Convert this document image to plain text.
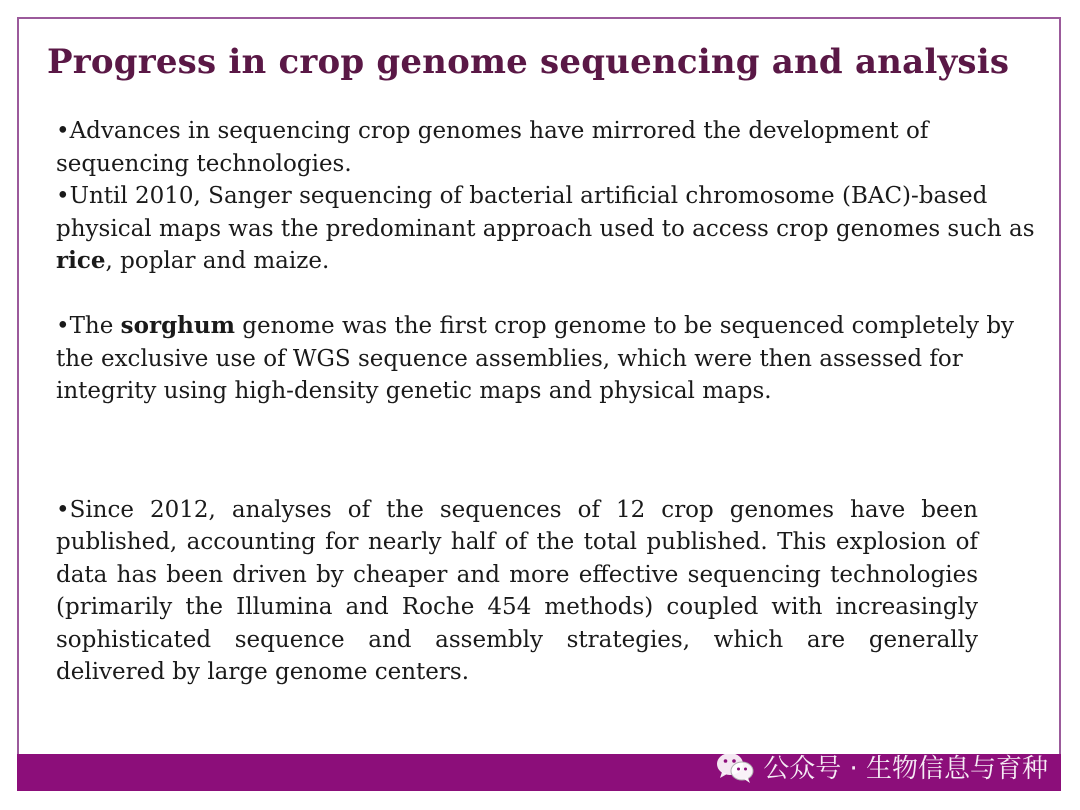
Progress in crop genome sequencing and analysis

•Advances in sequencing crop genomes have mirrored the development of
sequencing technologies.

•Until 2010, Sanger sequencing of bacterial artificial chromosome (BAC)-based
physical maps was the predominant approach used to access crop genomes such as
rice, poplar and maize.

•The sorghum genome was the first crop genome to be sequenced completely by
the exclusive use of WGS sequence assemblies, which were then assessed for
integrity using high-density genetic maps and physical maps.

•Since 2012, analyses of the sequences of 12 crop genomes have been published, accounting for nearly half of the total published. This explosion of data has been driven by cheaper and more effective sequencing technologies (primarily the Illumina and Roche 454 methods) coupled with increasingly sophisticated sequence and assembly strategies, which are generally delivered by large genome centers.

公众号 · 生物信息与育种
